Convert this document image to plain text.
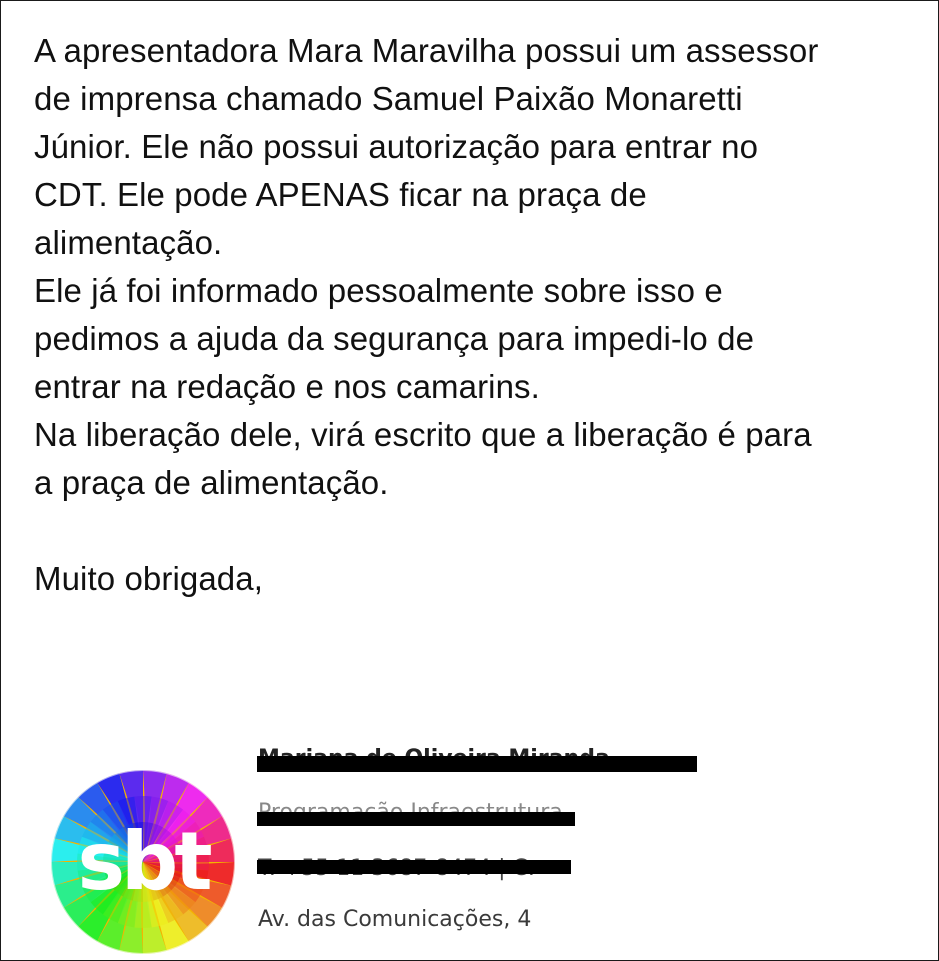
A apresentadora Mara Maravilha possui um assessor

de imprensa chamado Samuel Paixão Monaretti

Júnior. Ele não possui autorização para entrar no

CDT. Ele pode APENAS ficar na praça de

alimentação.

Ele já foi informado pessoalmente sobre isso e

pedimos a ajuda da segurança para impedi-lo de

entrar na redação e nos camarins.

Na liberação dele, virá escrito que a liberação é para

a praça de alimentação.

Muito obrigada,

sbt
Av. das Comunicações, 4
